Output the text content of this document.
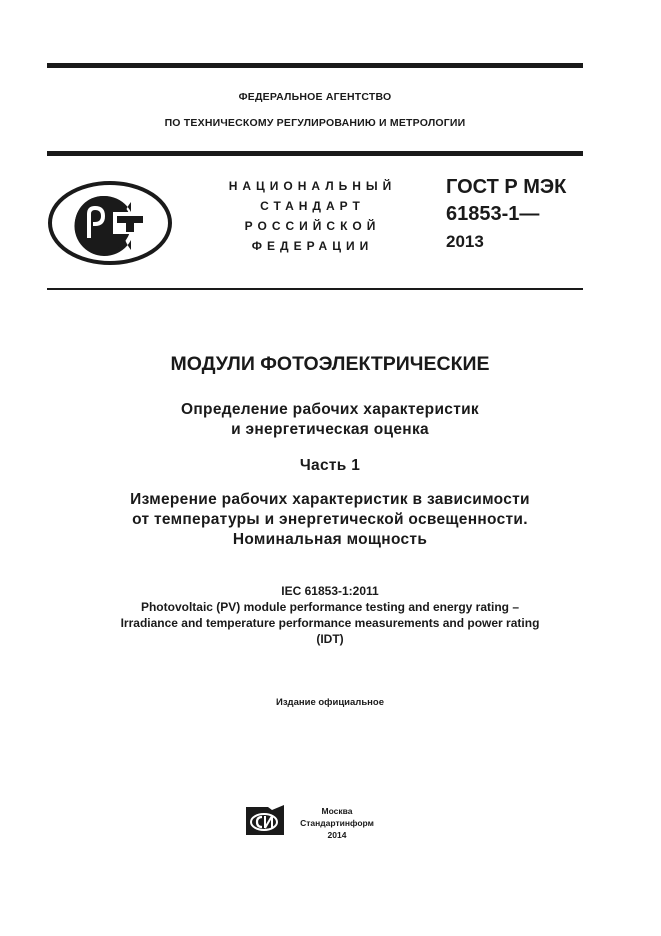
ФЕДЕРАЛЬНОЕ АГЕНТСТВО
ПО ТЕХНИЧЕСКОМУ РЕГУЛИРОВАНИЮ И МЕТРОЛОГИИ
НАЦИОНАЛЬНЫЙ
СТАНДАРТ
РОССИЙСКОЙ
ФЕДЕРАЦИИ
ГОСТ Р МЭК
61853-1—
2013
МОДУЛИ ФОТОЭЛЕКТРИЧЕСКИЕ
Определение рабочих характеристик
и энергетическая оценка
Часть 1
Измерение рабочих характеристик в зависимости
от температуры и энергетической освещенности.
Номинальная мощность
IEC 61853-1:2011
Photovoltaic (PV) module performance testing and energy rating –
Irradiance and temperature performance measurements and power rating
(IDT)
Издание официальное
Москва
Стандартинформ
2014
